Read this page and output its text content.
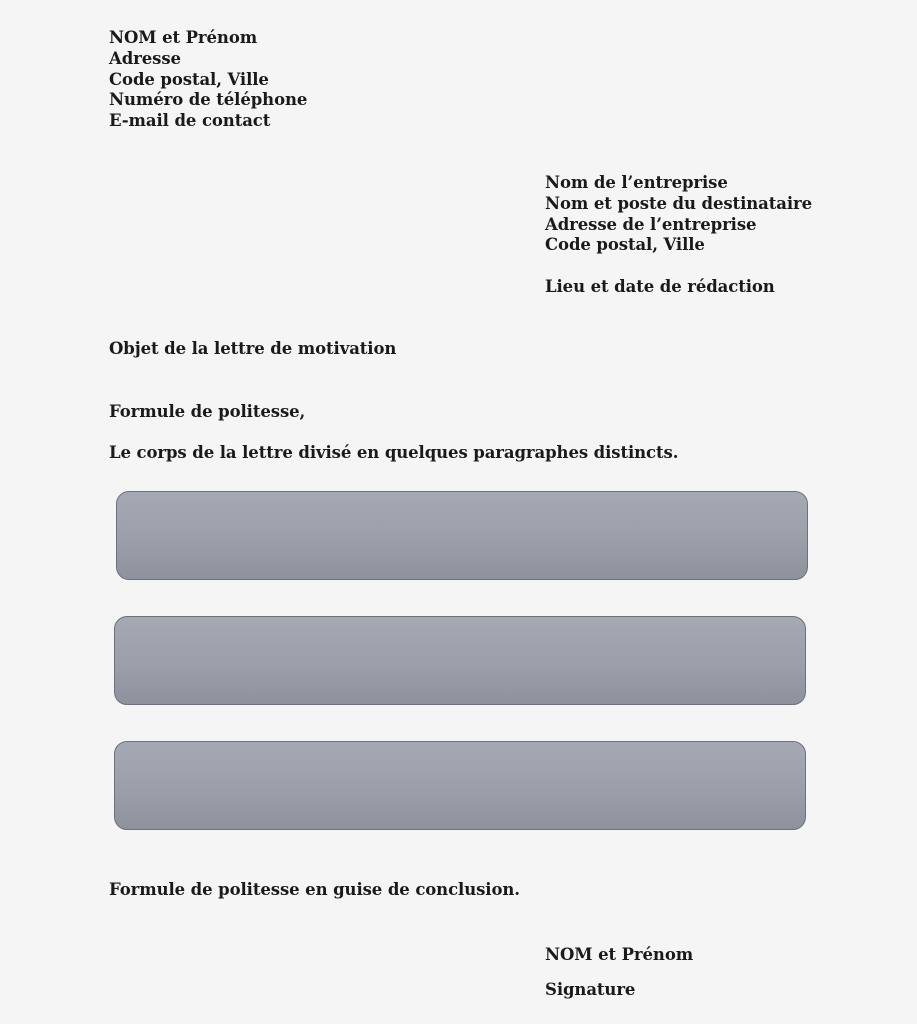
NOM et Prénom
Adresse
Code postal, Ville
Numéro de téléphone
E-mail de contact
Nom de l’entreprise
Nom et poste du destinataire
Adresse de l’entreprise
Code postal, Ville
Lieu et date de rédaction
Objet de la lettre de motivation
Formule de politesse,
Le corps de la lettre divisé en quelques paragraphes distincts.
Formule de politesse en guise de conclusion.
NOM et Prénom
Signature
